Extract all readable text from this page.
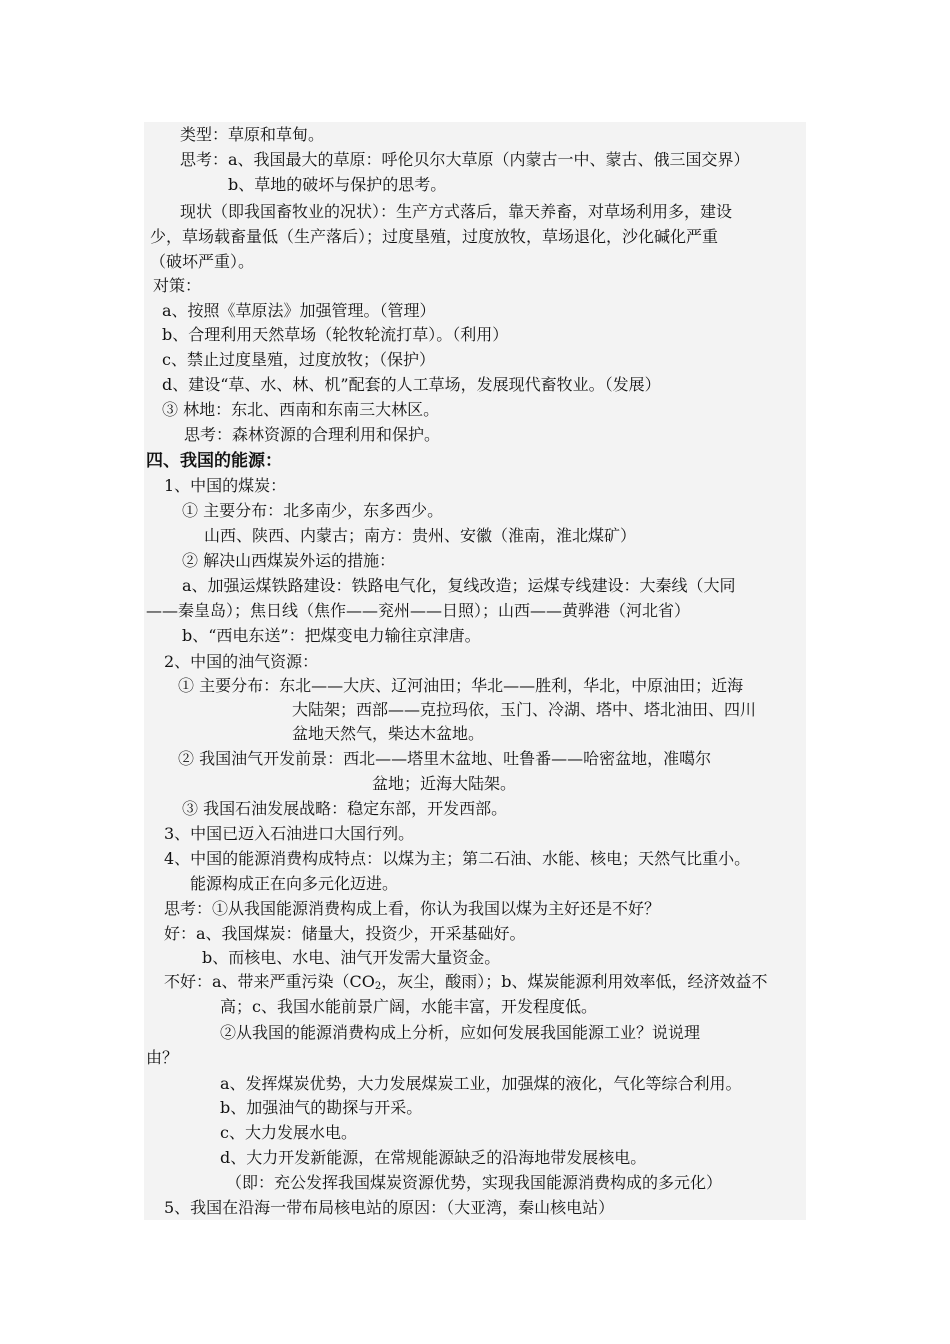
类型：草原和草甸。
思考：a、我国最大的草原：呼伦贝尔大草原（内蒙古一中、蒙古、俄三国交界）
b、草地的破坏与保护的思考。
现状（即我国畜牧业的况状）：生产方式落后，靠天养畜，对草场利用多，建设
少，草场载畜量低（生产落后）；过度垦殖，过度放牧，草场退化，沙化碱化严重
（破坏严重）。
对策：
a、按照《草原法》加强管理。（管理）
b、合理利用天然草场（轮牧轮流打草）。（利用）
c、禁止过度垦殖，过度放牧；（保护）
d、建设“草、水、林、机”配套的人工草场，发展现代畜牧业。（发展）
③ 林地：东北、西南和东南三大林区。
思考：森林资源的合理利用和保护。
四、我国的能源：
1、中国的煤炭：
① 主要分布：北多南少，东多西少。
山西、陕西、内蒙古；南方：贵州、安徽（淮南，淮北煤矿）
② 解决山西煤炭外运的措施：
a、加强运煤铁路建设：铁路电气化，复线改造；运煤专线建设：大秦线（大同
——秦皇岛）；焦日线（焦作——兖州——日照）；山西——黄骅港（河北省）
b、“西电东送”：把煤变电力输往京津唐。
2、中国的油气资源：
① 主要分布：东北——大庆、辽河油田；华北——胜利，华北，中原油田；近海
大陆架；西部——克拉玛依，玉门、冷湖、塔中、塔北油田、四川
盆地天然气，柴达木盆地。
② 我国油气开发前景：西北——塔里木盆地、吐鲁番——哈密盆地，准噶尔
盆地；近海大陆架。
③ 我国石油发展战略：稳定东部，开发西部。
3、中国已迈入石油进口大国行列。
4、中国的能源消费构成特点：以煤为主；第二石油、水能、核电；天然气比重小。
能源构成正在向多元化迈进。
思考：①从我国能源消费构成上看，你认为我国以煤为主好还是不好？
好：a、我国煤炭：储量大，投资少，开采基础好。
b、而核电、水电、油气开发需大量资金。
不好：a、带来严重污染（$CO_2$，灰尘，酸雨）；b、煤炭能源利用效率低，经济效益不
高；c、我国水能前景广阔，水能丰富，开发程度低。
②从我国的能源消费构成上分析，应如何发展我国能源工业？说说理
由？
a、发挥煤炭优势，大力发展煤炭工业，加强煤的液化，气化等综合利用。
b、加强油气的勘探与开采。
c、大力发展水电。
d、大力开发新能源，在常规能源缺乏的沿海地带发展核电。
（即：充公发挥我国煤炭资源优势，实现我国能源消费构成的多元化）
5、我国在沿海一带布局核电站的原因：（大亚湾，秦山核电站）
